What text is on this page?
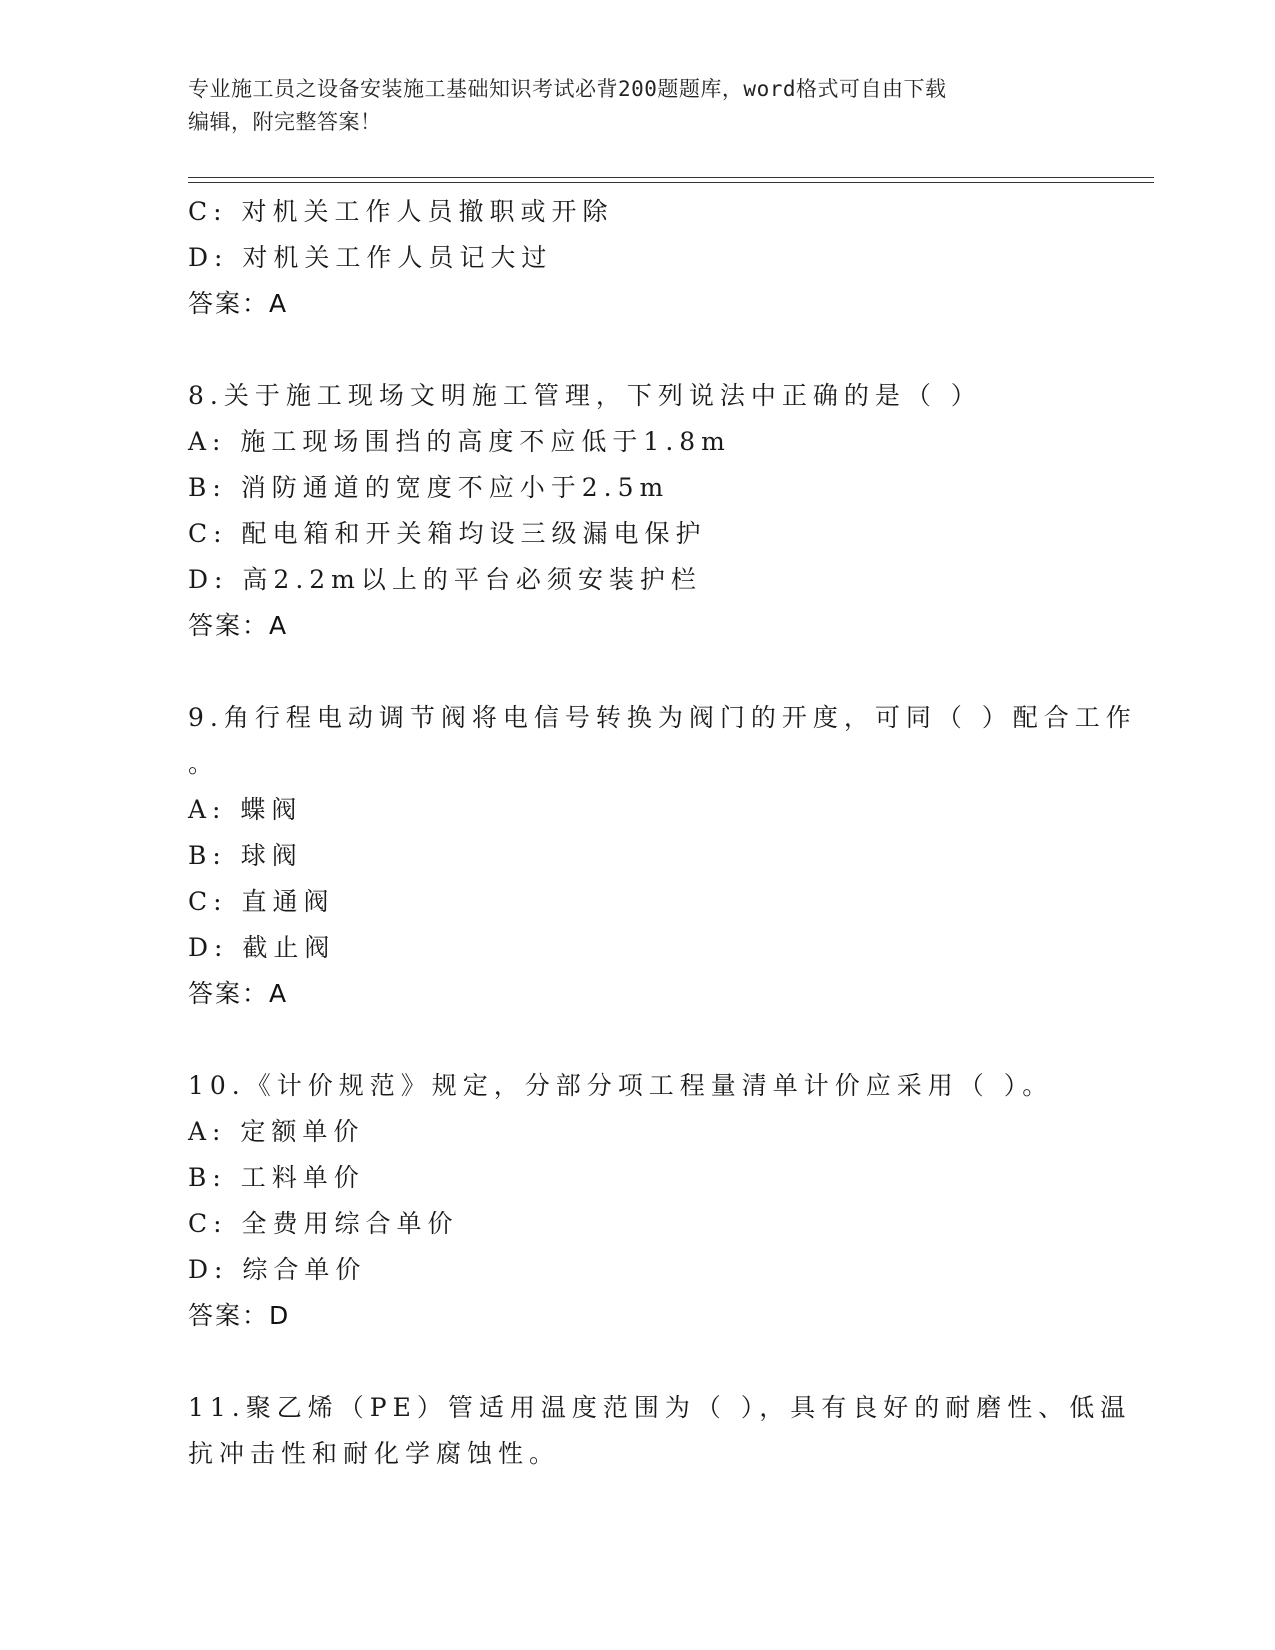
专业施工员之设备安装施工基础知识考试必背200题题库，word格式可自由下载
编辑，附完整答案！
C: 对机关工作人员撤职或开除
D: 对机关工作人员记大过
答案：A
8.关于施工现场文明施工管理，下列说法中正确的是（ ）
A: 施工现场围挡的高度不应低于1.8m
B: 消防通道的宽度不应小于2.5m
C: 配电箱和开关箱均设三级漏电保护
D: 高2.2m以上的平台必须安装护栏
答案：A
9.角行程电动调节阀将电信号转换为阀门的开度，可同（ ）配合工作
。
A: 蝶阀
B: 球阀
C: 直通阀
D: 截止阀
答案：A
10.《计价规范》规定，分部分项工程量清单计价应采用（ ）。
A: 定额单价
B: 工料单价
C: 全费用综合单价
D: 综合单价
答案：D
11.聚乙烯（PE）管适用温度范围为（ ），具有良好的耐磨性、低温
抗冲击性和耐化学腐蚀性。
